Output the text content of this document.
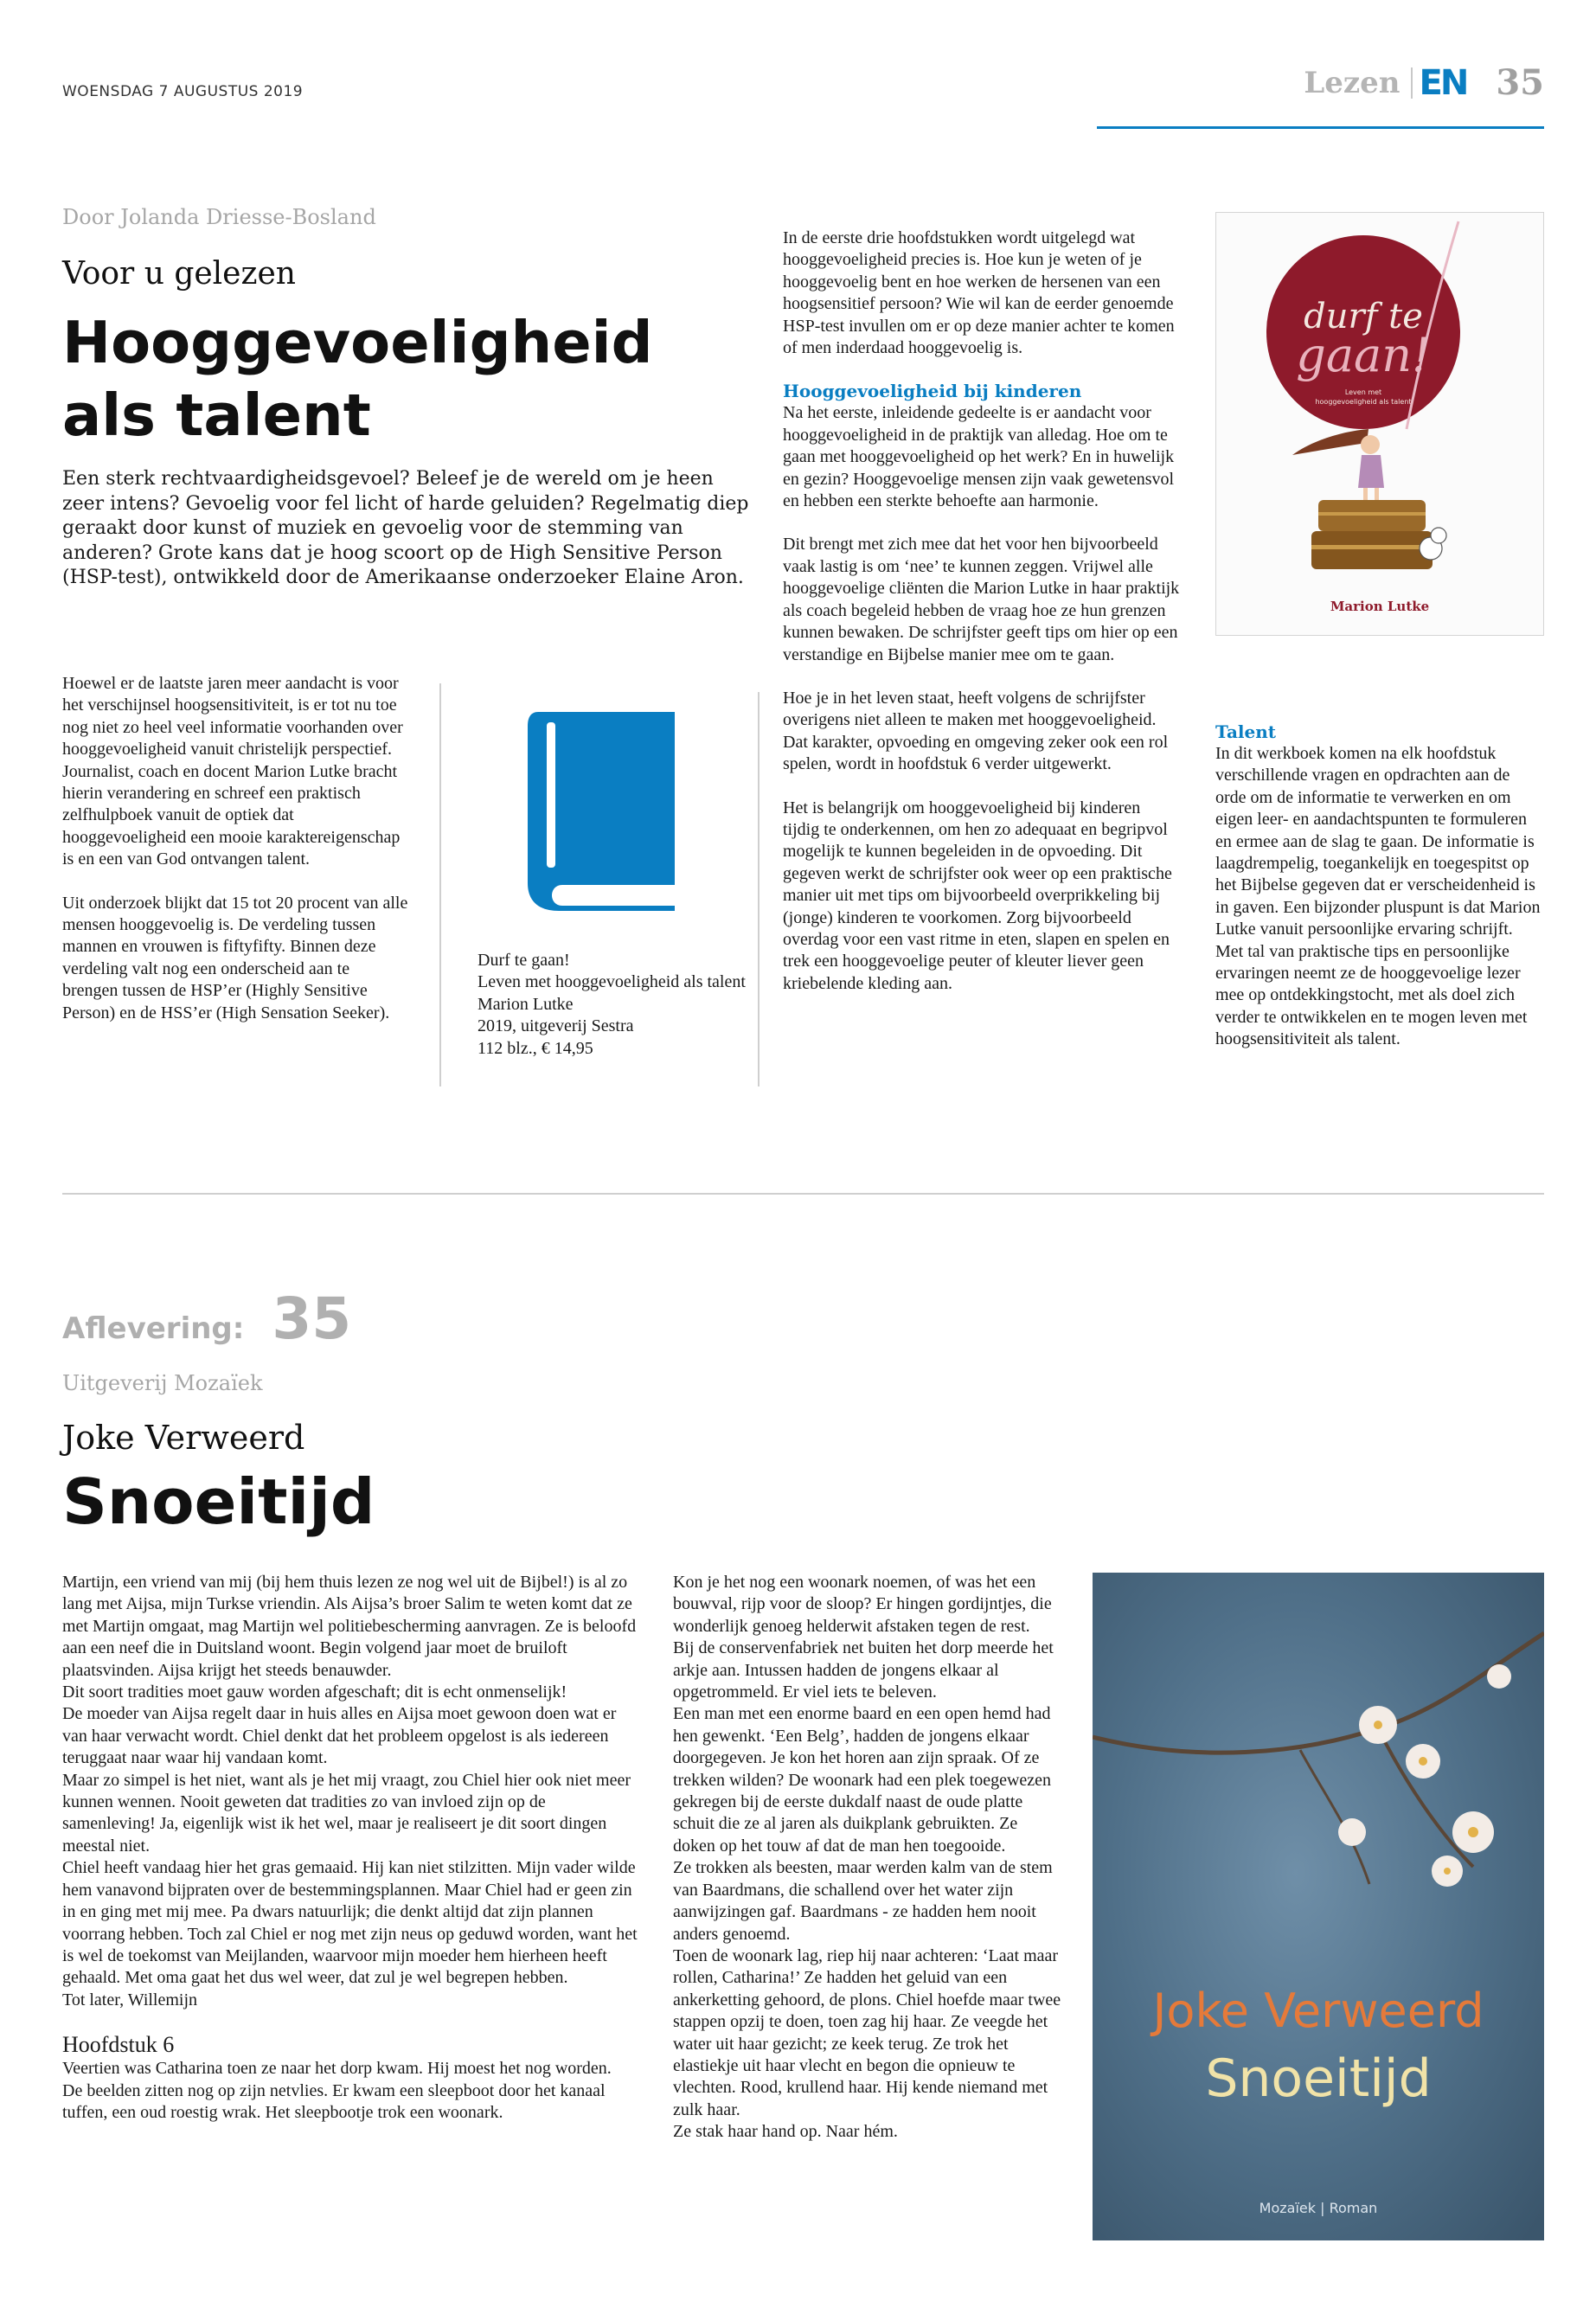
WOENSDAG 7 AUGUSTUS 2019	Lezen EN 35
Door Jolanda Driesse-Bosland
Voor u gelezen
Hooggevoeligheid
als talent
Een sterk rechtvaardigheidsgevoel? Beleef je de wereld om je heen zeer intens? Gevoelig voor fel licht of harde geluiden? Regelmatig diep geraakt door kunst of muziek en gevoelig voor de stemming van anderen? Grote kans dat je hoog scoort op de High Sensitive Person (HSP-test), ontwikkeld door de Amerikaanse onderzoeker Elaine Aron.

Hoewel er de laatste jaren meer aandacht is voor het verschijnsel hoogsensitiviteit, is er tot nu toe nog niet zo heel veel informatie voorhanden over hooggevoeligheid vanuit christelijk perspectief. Journalist, coach en docent Marion Lutke bracht hierin verandering en schreef een praktisch zelfhulpboek vanuit de optiek dat hooggevoeligheid een mooie karaktereigenschap is en een van God ontvangen talent.

Uit onderzoek blijkt dat 15 tot 20 procent van alle mensen hooggevoelig is. De verdeling tussen mannen en vrouwen is fiftyfifty. Binnen deze verdeling valt nog een onderscheid aan te brengen tussen de HSP’er (Highly Sensitive Person) en de HSS’er (High Sensation Seeker).

Durf te gaan!
Leven met hooggevoeligheid als talent
Marion Lutke
2019, uitgeverij Sestra
112 blz., € 14,95

In de eerste drie hoofdstukken wordt uitgelegd wat hooggevoeligheid precies is. Hoe kun je weten of je hooggevoelig bent en hoe werken de hersenen van een hoogsensitief persoon? Wie wil kan de eerder genoemde HSP-test invullen om er op deze manier achter te komen of men inderdaad hooggevoelig is.

Hooggevoeligheid bij kinderen

Na het eerste, inleidende gedeelte is er aandacht voor hooggevoeligheid in de praktijk van alledag. Hoe om te gaan met hooggevoeligheid op het werk? En in huwelijk en gezin? Hooggevoelige mensen zijn vaak gewetensvol en hebben een sterkte behoefte aan harmonie.

Dit brengt met zich mee dat het voor hen bijvoorbeeld vaak lastig is om ‘nee’ te kunnen zeggen. Vrijwel alle hooggevoelige cliënten die Marion Lutke in haar praktijk als coach begeleid hebben de vraag hoe ze hun grenzen kunnen bewaken. De schrijfster geeft tips om hier op een verstandige en Bijbelse manier mee om te gaan.

Hoe je in het leven staat, heeft volgens de schrijfster overigens niet alleen te maken met hooggevoeligheid. Dat karakter, opvoeding en omgeving zeker ook een rol spelen, wordt in hoofdstuk 6 verder uitgewerkt.

Het is belangrijk om hooggevoeligheid bij kinderen tijdig te onderkennen, om hen zo adequaat en begripvol mogelijk te kunnen begeleiden in de opvoeding. Dit gegeven werkt de schrijfster ook weer op een praktische manier uit met tips om bijvoorbeeld overprikkeling bij (jonge) kinderen te voorkomen. Zorg bijvoorbeeld overdag voor een vast ritme in eten, slapen en spelen en trek een hooggevoelige peuter of kleuter liever geen kriebelende kleding aan.

durf te
gaan!
Leven met
hooggevoeligheid als talent
Marion Lutke
Talent

In dit werkboek komen na elk hoofdstuk verschillende vragen en opdrachten aan de orde om de informatie te verwerken en om eigen leer- en aandachtspunten te formuleren en ermee aan de slag te gaan. De informatie is laagdrempelig, toegankelijk en toegespitst op het Bijbelse gegeven dat er verscheidenheid is in gaven. Een bijzonder pluspunt is dat Marion Lutke vanuit persoonlijke ervaring schrijft. Met tal van praktische tips en persoonlijke ervaringen neemt ze de hooggevoelige lezer mee op ontdekkingstocht, met als doel zich verder te ontwikkelen en te mogen leven met hoogsensitiviteit als talent.

Aflevering: 35
Uitgeverij Mozaïek
Joke Verweerd
Snoeitijd
Martijn, een vriend van mij (bij hem thuis lezen ze nog wel uit de Bijbel!) is al zo lang met Aijsa, mijn Turkse vriendin. Als Aijsa’s broer Salim te weten komt dat ze met Martijn omgaat, mag Martijn wel politiebescherming aanvragen. Ze is beloofd aan een neef die in Duitsland woont. Begin volgend jaar moet de bruiloft plaatsvinden. Aijsa krijgt het steeds benauwder.
Dit soort tradities moet gauw worden afgeschaft; dit is echt onmenselijk!
De moeder van Aijsa regelt daar in huis alles en Aijsa moet gewoon doen wat er van haar verwacht wordt. Chiel denkt dat het probleem opgelost is als iedereen teruggaat naar waar hij vandaan komt.
Maar zo simpel is het niet, want als je het mij vraagt, zou Chiel hier ook niet meer kunnen wennen. Nooit geweten dat tradities zo van invloed zijn op de samenleving! Ja, eigenlijk wist ik het wel, maar je realiseert je dit soort dingen meestal niet.
Chiel heeft vandaag hier het gras gemaaid. Hij kan niet stilzitten. Mijn vader wilde hem vanavond bijpraten over de bestemmingsplannen. Maar Chiel had er geen zin in en ging met mij mee. Pa dwars natuurlijk; die denkt altijd dat zijn plannen voorrang hebben. Toch zal Chiel er nog met zijn neus op geduwd worden, want het is wel de toekomst van Meijlanden, waarvoor mijn moeder hem hierheen heeft gehaald. Met oma gaat het dus wel weer, dat zul je wel begrepen hebben.
Tot later, Willemijn
Hoofdstuk 6
Veertien was Catharina toen ze naar het dorp kwam. Hij moest het nog worden.
De beelden zitten nog op zijn netvlies. Er kwam een sleepboot door het kanaal tuffen, een oud roestig wrak. Het sleepbootje trok een woonark.
Kon je het nog een woonark noemen, of was het een bouwval, rijp voor de sloop? Er hingen gordijntjes, die wonderlijk genoeg helderwit afstaken tegen de rest.
Bij de conservenfabriek net buiten het dorp meerde het arkje aan. Intussen hadden de jongens elkaar al opgetrommeld. Er viel iets te beleven.
Een man met een enorme baard en een open hemd had hen gewenkt. ‘Een Belg’, hadden de jongens elkaar doorgegeven. Je kon het horen aan zijn spraak. Of ze trekken wilden? De woonark had een plek toegewezen gekregen bij de eerste dukdalf naast de oude platte schuit die ze al jaren als duikplank gebruikten. Ze doken op het touw af dat de man hen toegooide.
Ze trokken als beesten, maar werden kalm van de stem van Baardmans, die schallend over het water zijn aanwijzingen gaf. Baardmans - ze hadden hem nooit anders genoemd.
Toen de woonark lag, riep hij naar achteren: ‘Laat maar rollen, Catharina!’ Ze hadden het geluid van een ankerketting gehoord, de plons. Chiel hoefde maar twee stappen opzij te doen, toen zag hij haar. Ze veegde het water uit haar gezicht; ze keek terug. Ze trok het elastiekje uit haar vlecht en begon die opnieuw te vlechten. Rood, krullend haar. Hij kende niemand met zulk haar.
Ze stak haar hand op. Naar hém.
Joke Verweerd
Snoeitijd
Mozaïek | Roman
